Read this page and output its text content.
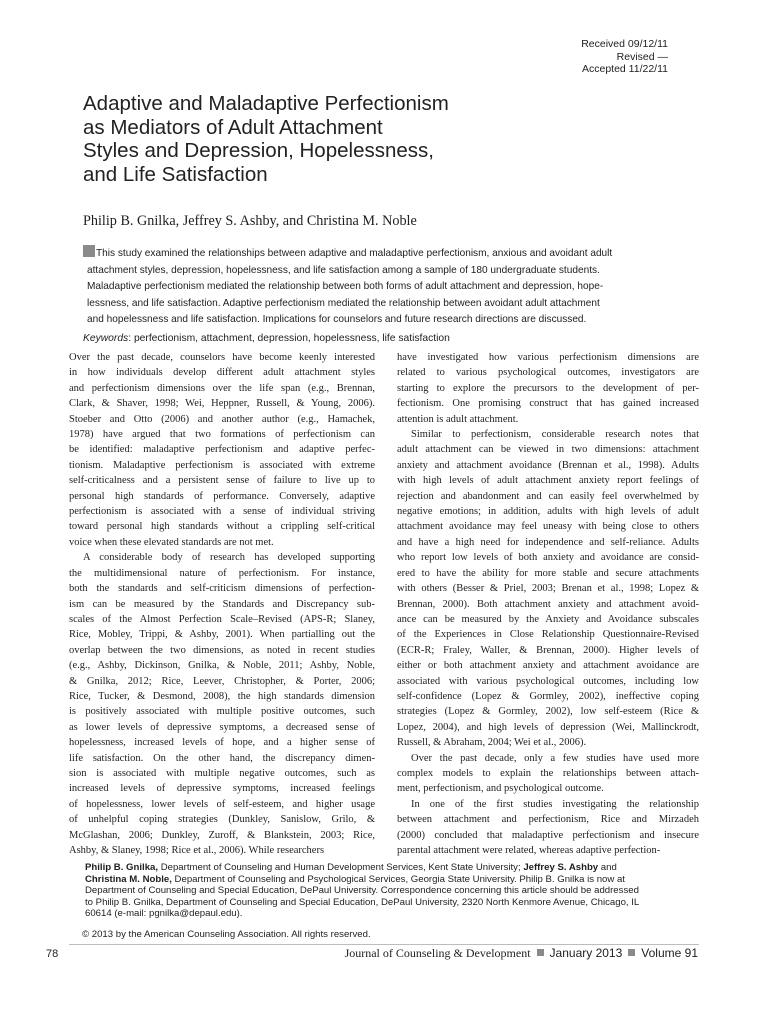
Received 09/12/11
Revised —
Accepted 11/22/11
Adaptive and Maladaptive Perfectionism
as Mediators of Adult Attachment
Styles and Depression, Hopelessness,
and Life Satisfaction
Philip B. Gnilka, Jeffrey S. Ashby, and Christina M. Noble
This study examined the relationships between adaptive and maladaptive perfectionism, anxious and avoidant adult
attachment styles, depression, hopelessness, and life satisfaction among a sample of 180 undergraduate students.
Maladaptive perfectionism mediated the relationship between both forms of adult attachment and depression, hope-
lessness, and life satisfaction. Adaptive perfectionism mediated the relationship between avoidant adult attachment
and hopelessness and life satisfaction. Implications for counselors and future research directions are discussed.
Keywords: perfectionism, attachment, depression, hopelessness, life satisfaction
Over the past decade, counselors have become keenly interested
in how individuals develop different adult attachment styles
and perfectionism dimensions over the life span (e.g., Brennan,
Clark, & Shaver, 1998; Wei, Heppner, Russell, & Young, 2006).
Stoeber and Otto (2006) and another author (e.g., Hamachek,
1978) have argued that two formations of perfectionism can
be identified: maladaptive perfectionism and adaptive perfec-
tionism. Maladaptive perfectionism is associated with extreme
self-criticalness and a persistent sense of failure to live up to
personal high standards of performance. Conversely, adaptive
perfectionism is associated with a sense of individual striving
toward personal high standards without a crippling self-critical
voice when these elevated standards are not met.
A considerable body of research has developed supporting
the multidimensional nature of perfectionism. For instance,
both the standards and self-criticism dimensions of perfection-
ism can be measured by the Standards and Discrepancy sub-
scales of the Almost Perfection Scale–Revised (APS-R; Slaney,
Rice, Mobley, Trippi, & Ashby, 2001). When partialling out the
overlap between the two dimensions, as noted in recent studies
(e.g., Ashby, Dickinson, Gnilka, & Noble, 2011; Ashby, Noble,
& Gnilka, 2012; Rice, Leever, Christopher, & Porter, 2006;
Rice, Tucker, & Desmond, 2008), the high standards dimension
is positively associated with multiple positive outcomes, such
as lower levels of depressive symptoms, a decreased sense of
hopelessness, increased levels of hope, and a higher sense of
life satisfaction. On the other hand, the discrepancy dimen-
sion is associated with multiple negative outcomes, such as
increased levels of depressive symptoms, increased feelings
of hopelessness, lower levels of self-esteem, and higher usage
of unhelpful coping strategies (Dunkley, Sanislow, Grilo, &
McGlashan, 2006; Dunkley, Zuroff, & Blankstein, 2003; Rice,
Ashby, & Slaney, 1998; Rice et al., 2006). While researchers
have investigated how various perfectionism dimensions are
related to various psychological outcomes, investigators are
starting to explore the precursors to the development of per-
fectionism. One promising construct that has gained increased
attention is adult attachment.
Similar to perfectionism, considerable research notes that
adult attachment can be viewed in two dimensions: attachment
anxiety and attachment avoidance (Brennan et al., 1998). Adults
with high levels of adult attachment anxiety report feelings of
rejection and abandonment and can easily feel overwhelmed by
negative emotions; in addition, adults with high levels of adult
attachment avoidance may feel uneasy with being close to others
and have a high need for independence and self-reliance. Adults
who report low levels of both anxiety and avoidance are consid-
ered to have the ability for more stable and secure attachments
with others (Besser & Priel, 2003; Brenan et al., 1998; Lopez &
Brennan, 2000). Both attachment anxiety and attachment avoid-
ance can be measured by the Anxiety and Avoidance subscales
of the Experiences in Close Relationship Questionnaire-Revised
(ECR-R; Fraley, Waller, & Brennan, 2000). Higher levels of
either or both attachment anxiety and attachment avoidance are
associated with various psychological outcomes, including low
self-confidence (Lopez & Gormley, 2002), ineffective coping
strategies (Lopez & Gormley, 2002), low self-esteem (Rice &
Lopez, 2004), and high levels of depression (Wei, Mallinckrodt,
Russell, & Abraham, 2004; Wei et al., 2006).
Over the past decade, only a few studies have used more
complex models to explain the relationships between attach-
ment, perfectionism, and psychological outcome.
In one of the first studies investigating the relationship
between attachment and perfectionism, Rice and Mirzadeh
(2000) concluded that maladaptive perfectionism and insecure
parental attachment were related, whereas adaptive perfection-
Philip B. Gnilka, Department of Counseling and Human Development Services, Kent State University; Jeffrey S. Ashby and
Christina M. Noble, Department of Counseling and Psychological Services, Georgia State University. Philip B. Gnilka is now at
Department of Counseling and Special Education, DePaul University. Correspondence concerning this article should be addressed
to Philip B. Gnilka, Department of Counseling and Special Education, DePaul University, 2320 North Kenmore Avenue, Chicago, IL
60614 (e-mail: pgnilka@depaul.edu).
© 2013 by the American Counseling Association. All rights reserved.
78	Journal of Counseling & Development January 2013 Volume 91
